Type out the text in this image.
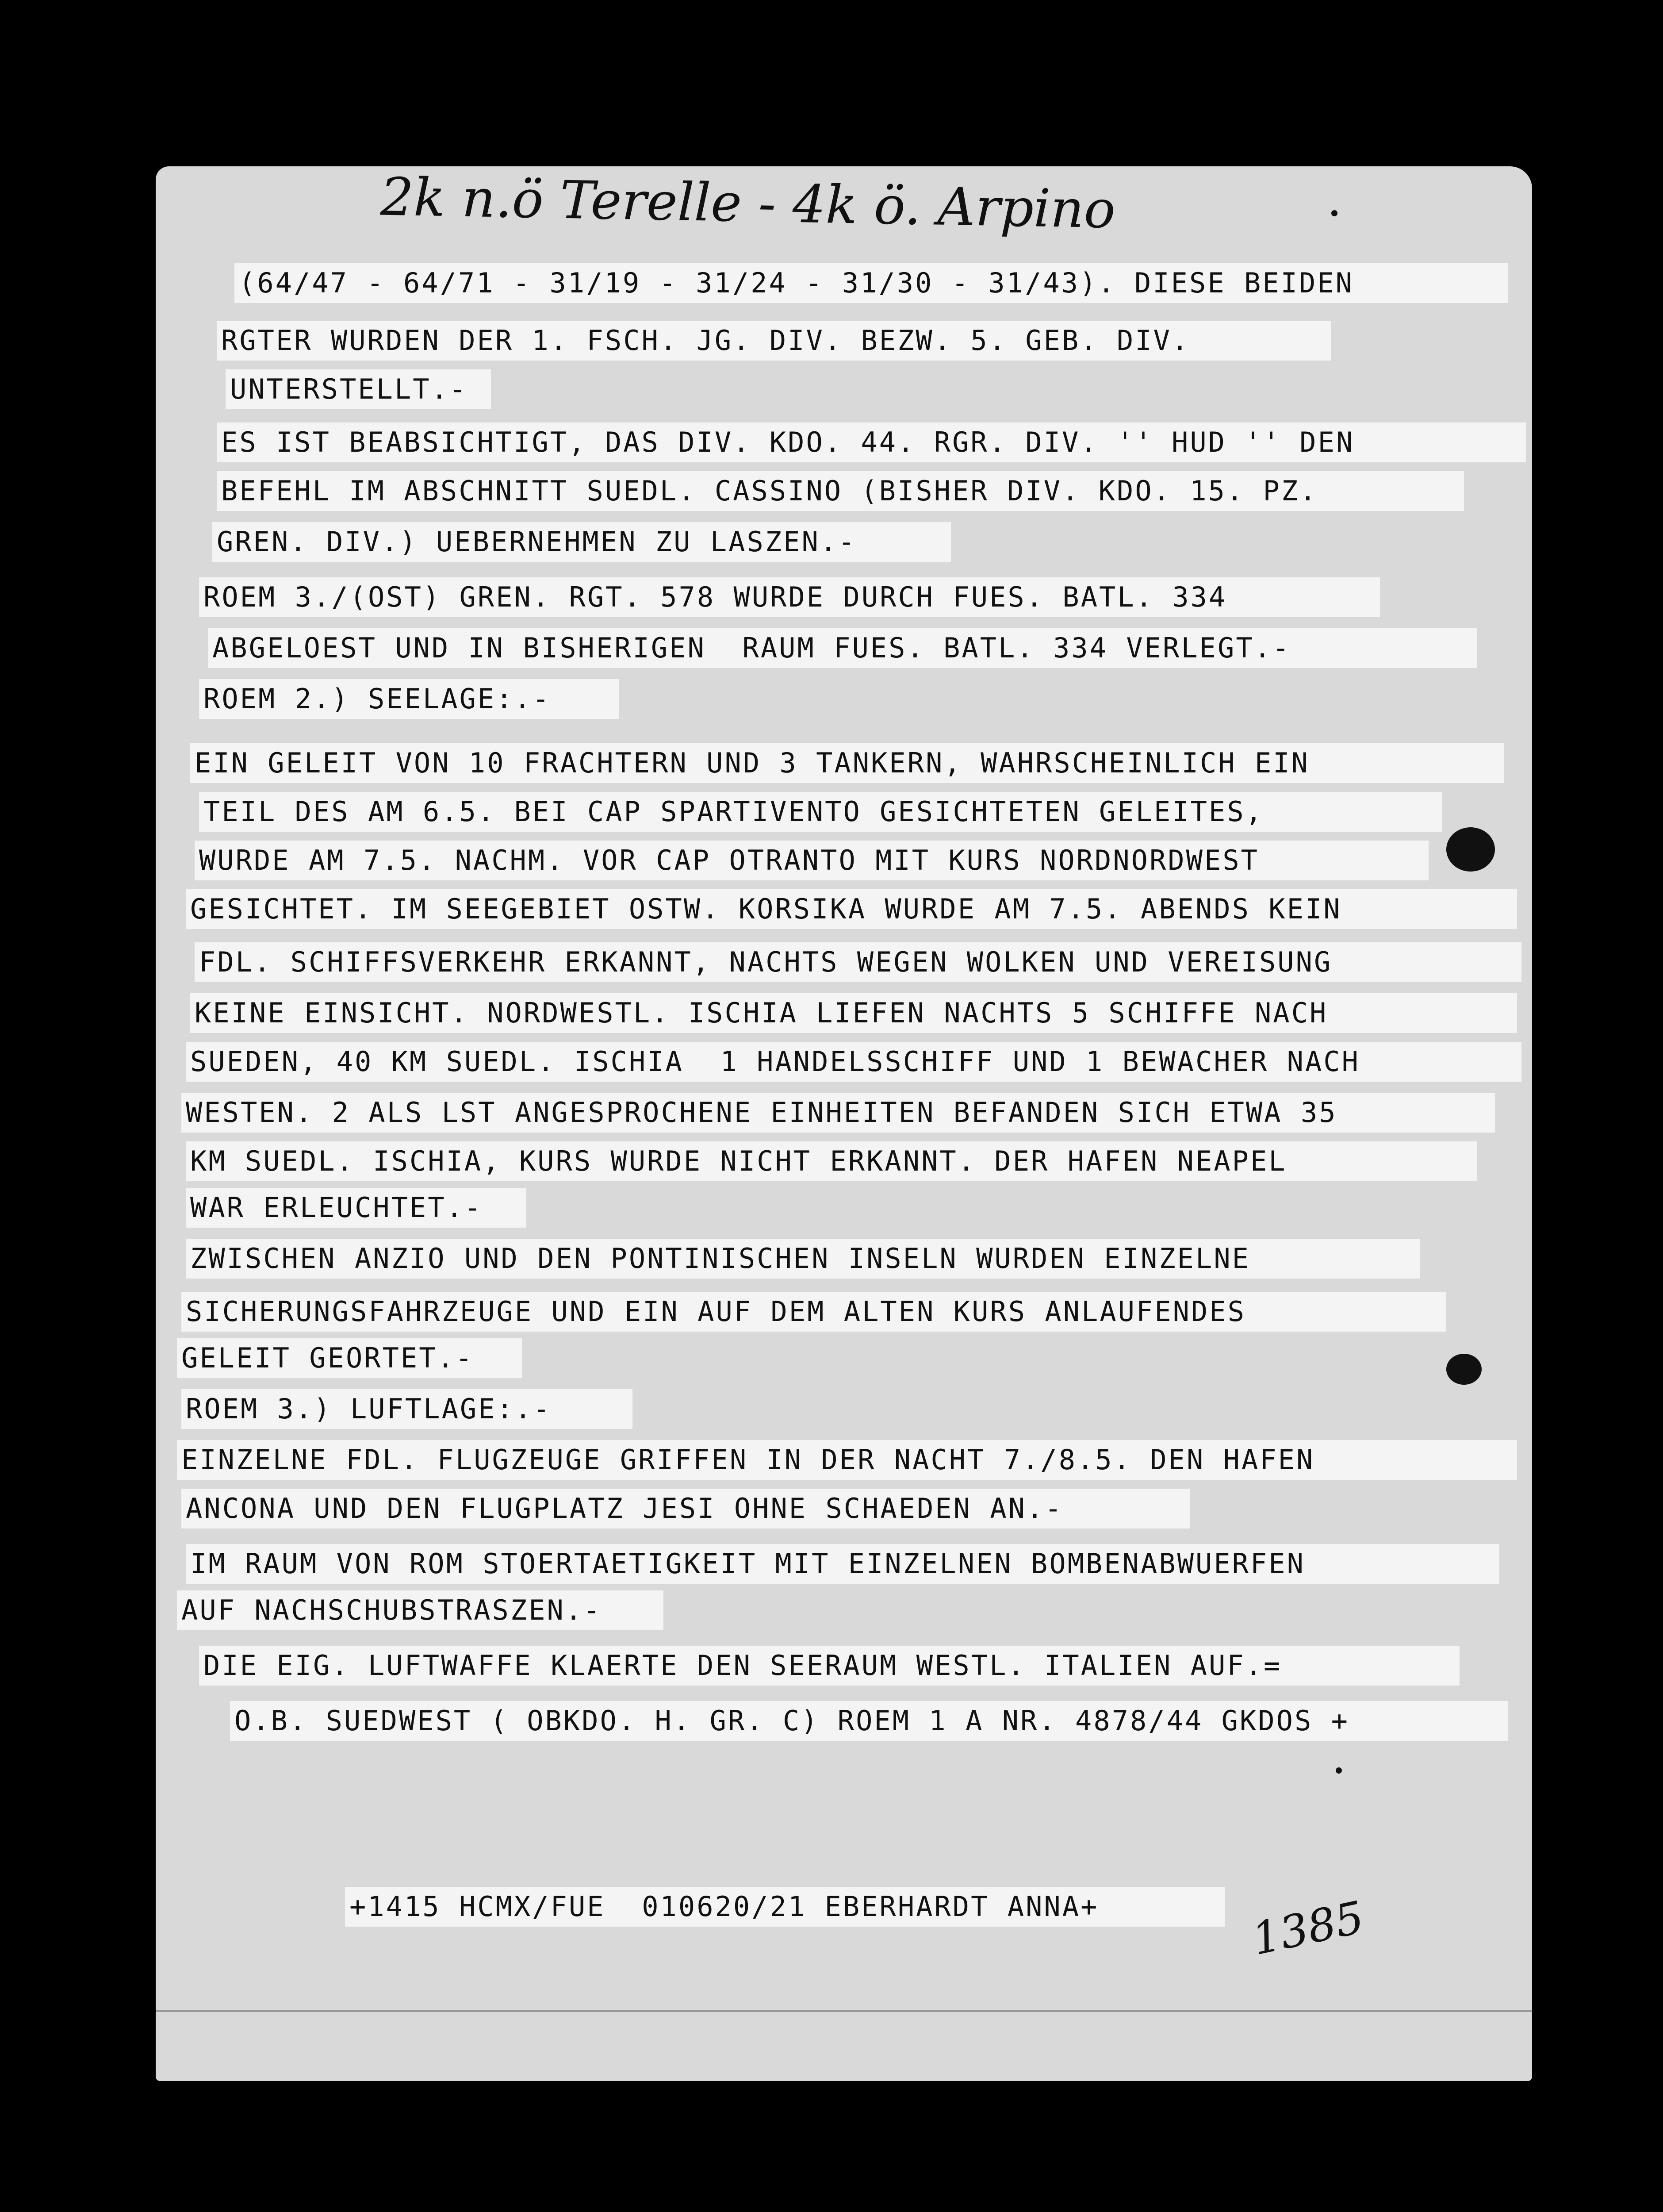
2k n.ö Terelle - 4k ö. Arpino
1385
(64/47 - 64/71 - 31/19 - 31/24 - 31/30 - 31/43). DIESE BEIDEN
RGTER WURDEN DER 1. FSCH. JG. DIV. BEZW. 5. GEB. DIV.
UNTERSTELLT.-
ES IST BEABSICHTIGT, DAS DIV. KDO. 44. RGR. DIV. '' HUD '' DEN
BEFEHL IM ABSCHNITT SUEDL. CASSINO (BISHER DIV. KDO. 15. PZ.
GREN. DIV.) UEBERNEHMEN ZU LASZEN.-
ROEM 3./(OST) GREN. RGT. 578 WURDE DURCH FUES. BATL. 334
ABGELOEST UND IN BISHERIGEN  RAUM FUES. BATL. 334 VERLEGT.-
ROEM 2.) SEELAGE:.-
EIN GELEIT VON 10 FRACHTERN UND 3 TANKERN, WAHRSCHEINLICH EIN
TEIL DES AM 6.5. BEI CAP SPARTIVENTO GESICHTETEN GELEITES,
WURDE AM 7.5. NACHM. VOR CAP OTRANTO MIT KURS NORDNORDWEST
GESICHTET. IM SEEGEBIET OSTW. KORSIKA WURDE AM 7.5. ABENDS KEIN
FDL. SCHIFFSVERKEHR ERKANNT, NACHTS WEGEN WOLKEN UND VEREISUNG
KEINE EINSICHT. NORDWESTL. ISCHIA LIEFEN NACHTS 5 SCHIFFE NACH
SUEDEN, 40 KM SUEDL. ISCHIA  1 HANDELSSCHIFF UND 1 BEWACHER NACH
WESTEN. 2 ALS LST ANGESPROCHENE EINHEITEN BEFANDEN SICH ETWA 35
KM SUEDL. ISCHIA, KURS WURDE NICHT ERKANNT. DER HAFEN NEAPEL
WAR ERLEUCHTET.-
ZWISCHEN ANZIO UND DEN PONTINISCHEN INSELN WURDEN EINZELNE
SICHERUNGSFAHRZEUGE UND EIN AUF DEM ALTEN KURS ANLAUFENDES
GELEIT GEORTET.-
ROEM 3.) LUFTLAGE:.-
EINZELNE FDL. FLUGZEUGE GRIFFEN IN DER NACHT 7./8.5. DEN HAFEN
ANCONA UND DEN FLUGPLATZ JESI OHNE SCHAEDEN AN.-
IM RAUM VON ROM STOERTAETIGKEIT MIT EINZELNEN BOMBENABWUERFEN
AUF NACHSCHUBSTRASZEN.-
DIE EIG. LUFTWAFFE KLAERTE DEN SEERAUM WESTL. ITALIEN AUF.=
O.B. SUEDWEST ( OBKDO. H. GR. C) ROEM 1 A NR. 4878/44 GKDOS +
+1415 HCMX/FUE  010620/21 EBERHARDT ANNA+
